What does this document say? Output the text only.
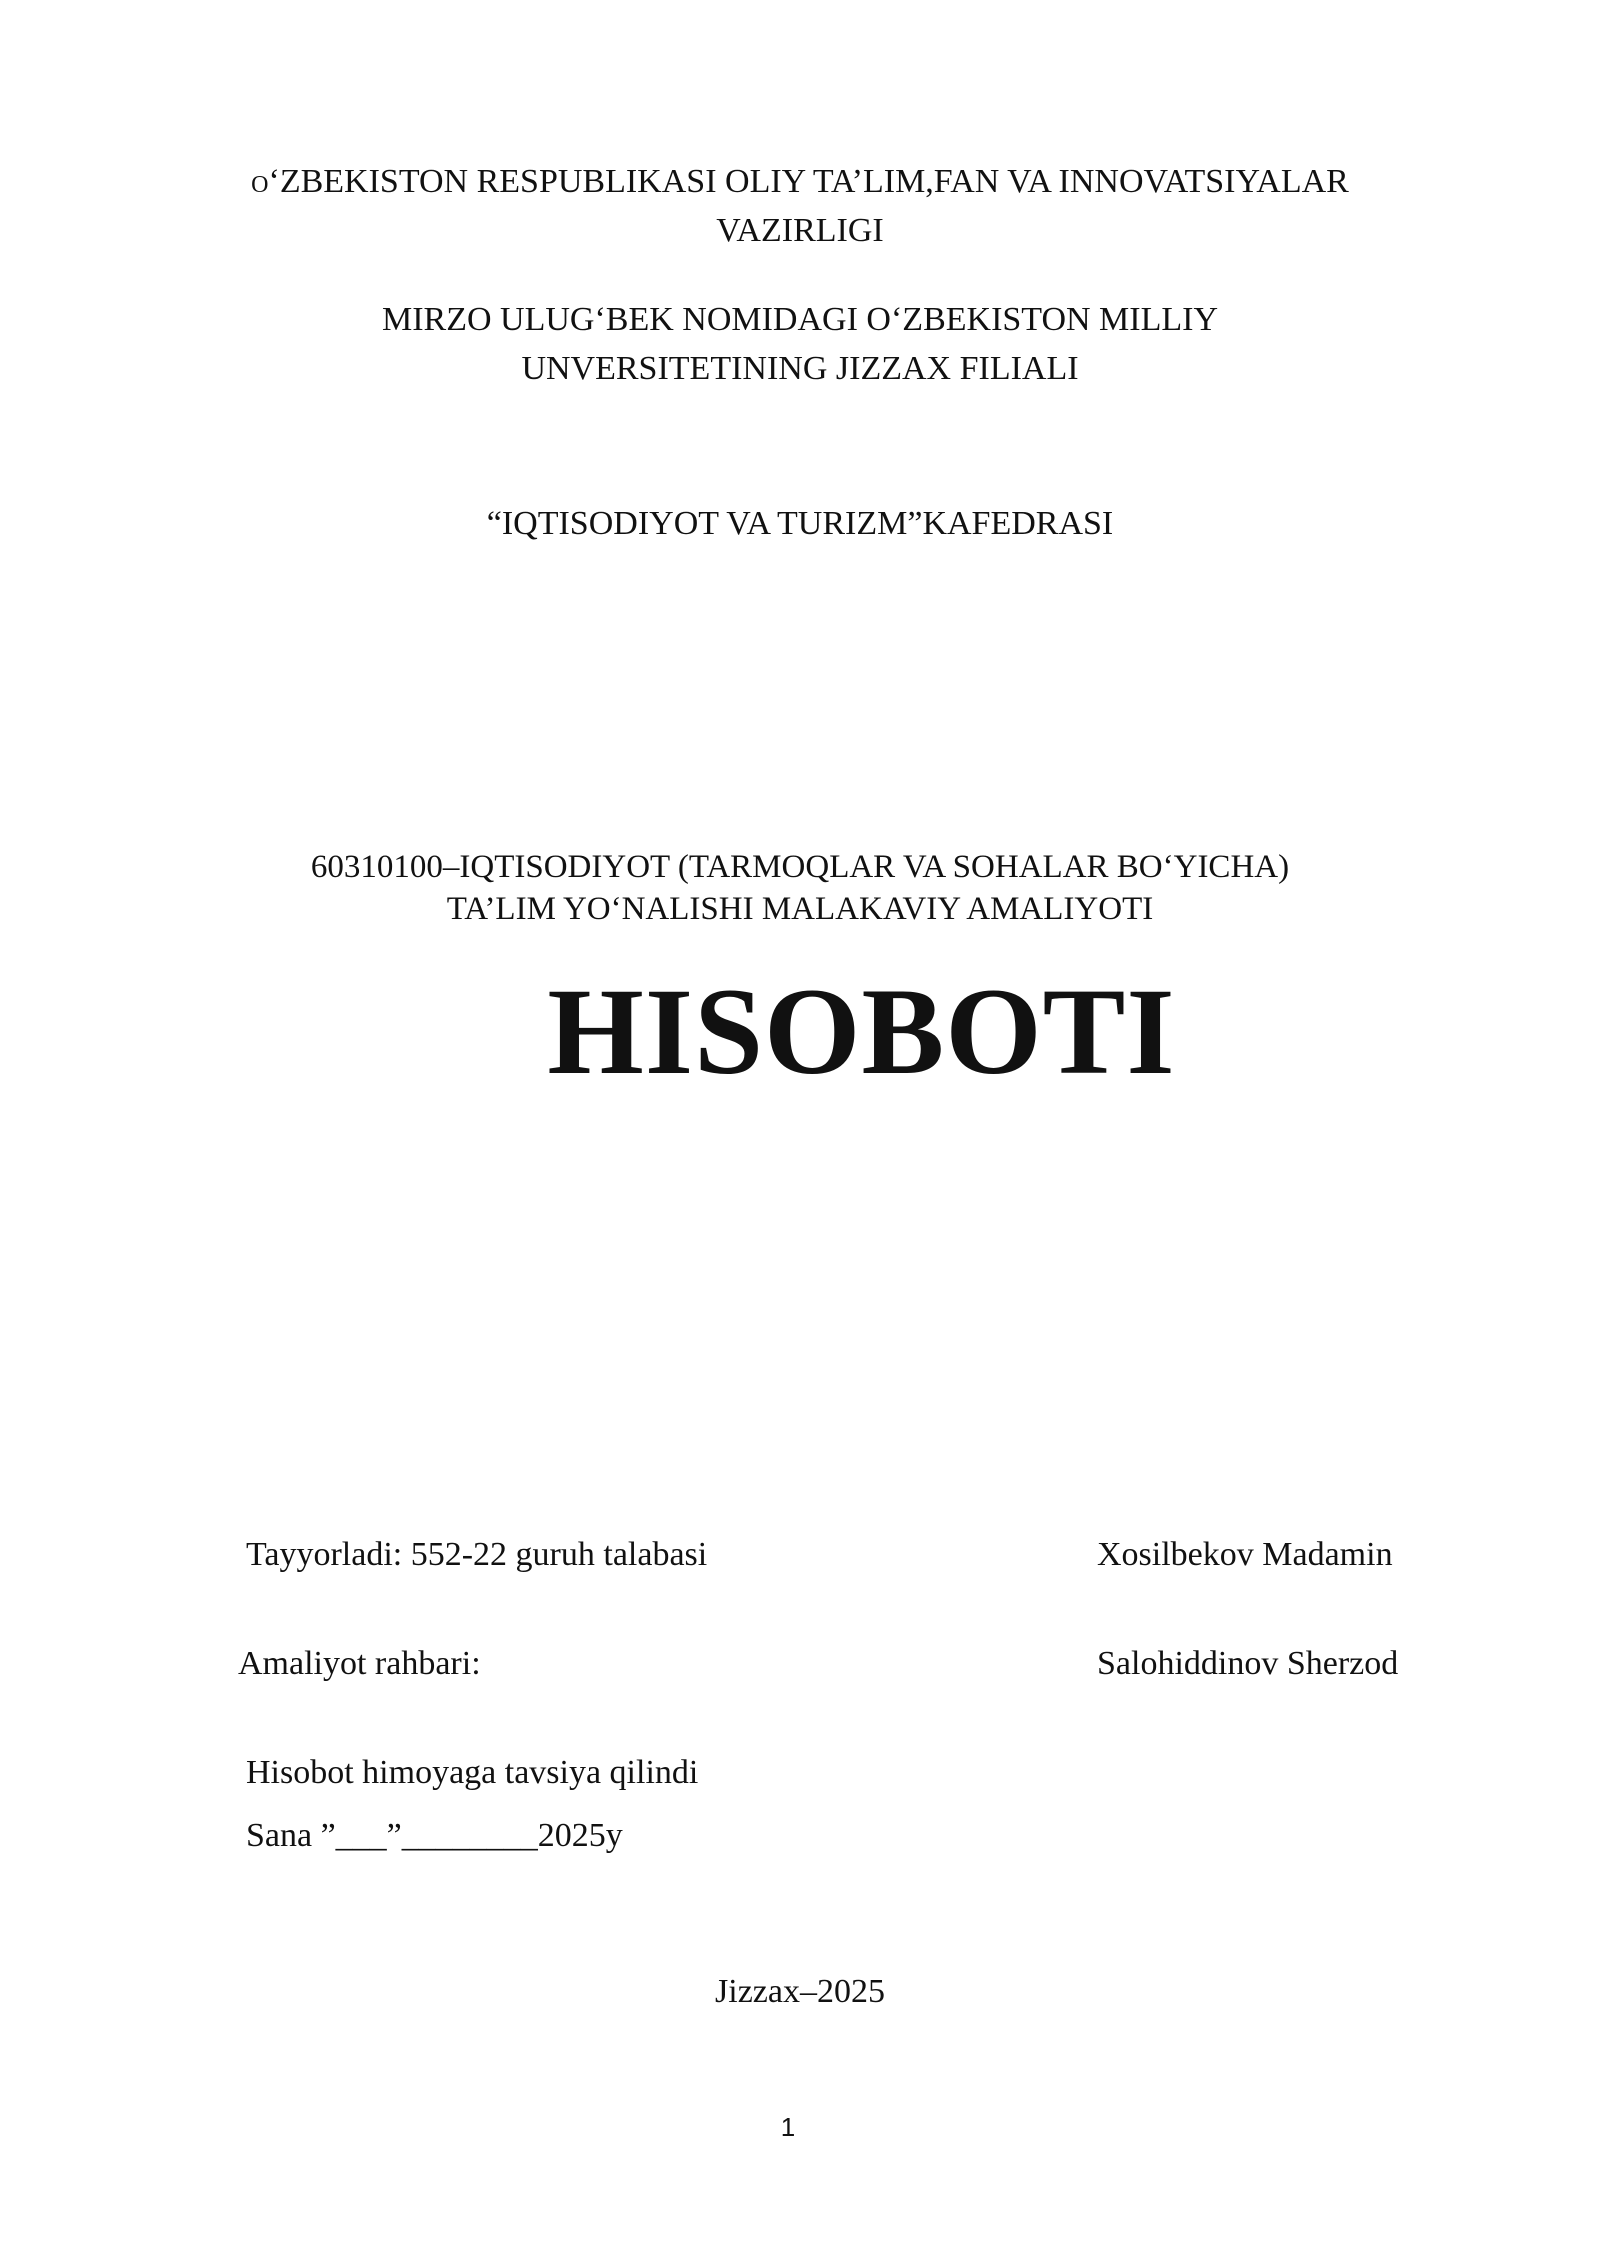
O‘ZBEKISTON RESPUBLIKASI OLIY TA’LIM,FAN VA INNOVATSIYALAR
VAZIRLIGI
MIRZO ULUG‘BEK NOMIDAGI O‘ZBEKISTON MILLIY
UNVERSITETINING JIZZAX FILIALI
“IQTISODIYOT VA TURIZM”KAFEDRASI
60310100–IQTISODIYOT (TARMOQLAR VA SOHALAR BO‘YICHA)
TA’LIM YO‘NALISHI MALAKAVIY AMALIYOTI
HISOBOTI
Tayyorladi: 552-22 guruh talabasi	Xosilbekov Madamin
Amaliyot rahbari:	Salohiddinov Sherzod
Hisobot himoyaga tavsiya qilindi
Sana ”___”________2025y
Jizzax–2025
1
